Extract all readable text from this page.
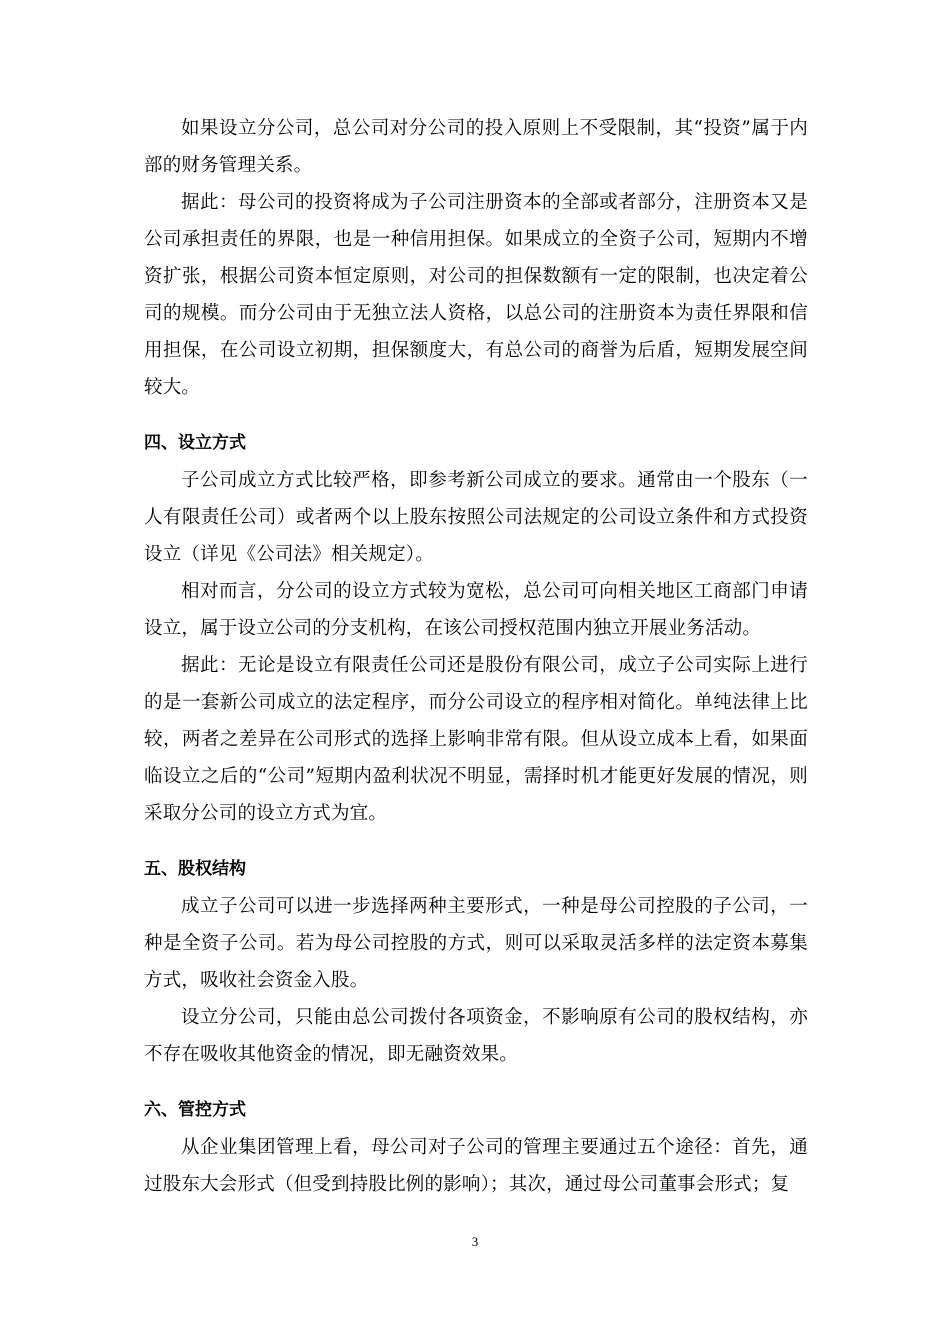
如果设立分公司，总公司对分公司的投入原则上不受限制，其“投资”属于内部的财务管理关系。

据此：母公司的投资将成为子公司注册资本的全部或者部分，注册资本又是公司承担责任的界限，也是一种信用担保。如果成立的全资子公司，短期内不增资扩张，根据公司资本恒定原则，对公司的担保数额有一定的限制，也决定着公司的规模。而分公司由于无独立法人资格，以总公司的注册资本为责任界限和信用担保，在公司设立初期，担保额度大，有总公司的商誉为后盾，短期发展空间较大。

四、设立方式

子公司成立方式比较严格，即参考新公司成立的要求。通常由一个股东（一人有限责任公司）或者两个以上股东按照公司法规定的公司设立条件和方式投资设立（详见《公司法》相关规定）。

相对而言，分公司的设立方式较为宽松，总公司可向相关地区工商部门申请设立，属于设立公司的分支机构，在该公司授权范围内独立开展业务活动。

据此：无论是设立有限责任公司还是股份有限公司，成立子公司实际上进行的是一套新公司成立的法定程序，而分公司设立的程序相对简化。单纯法律上比较，两者之差异在公司形式的选择上影响非常有限。但从设立成本上看，如果面临设立之后的“公司”短期内盈利状况不明显，需择时机才能更好发展的情况，则采取分公司的设立方式为宜。

五、股权结构

成立子公司可以进一步选择两种主要形式，一种是母公司控股的子公司，一种是全资子公司。若为母公司控股的方式，则可以采取灵活多样的法定资本募集方式，吸收社会资金入股。

设立分公司，只能由总公司拨付各项资金，不影响原有公司的股权结构，亦不存在吸收其他资金的情况，即无融资效果。

六、管控方式

从企业集团管理上看，母公司对子公司的管理主要通过五个途径：首先，通过股东大会形式（但受到持股比例的影响）；其次，通过母公司董事会形式；复

3
